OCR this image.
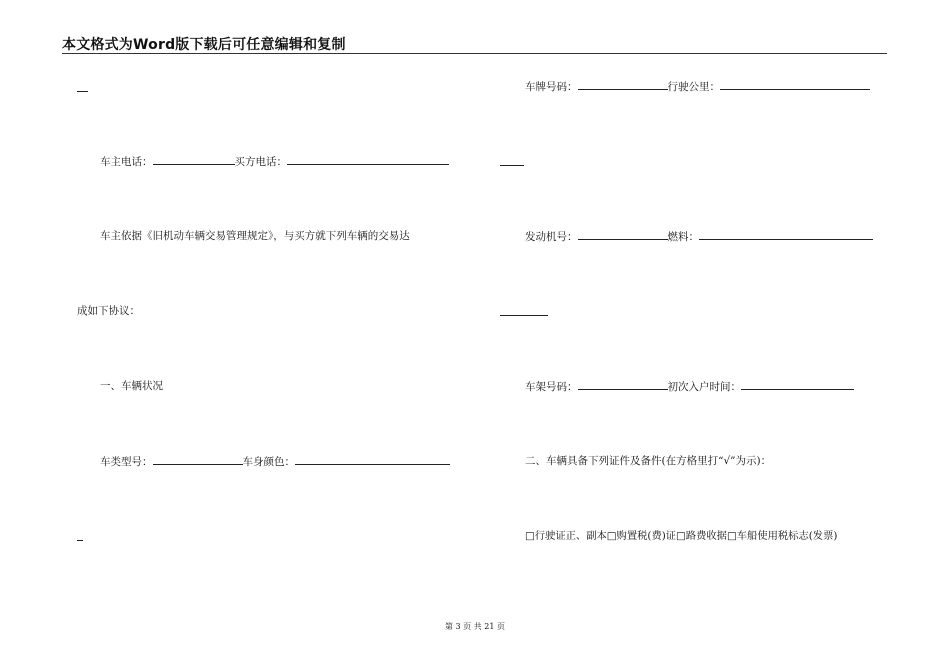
本文格式为Word版下载后可任意编辑和复制
车主电话：	买方电话：
车主依据《旧机动车辆交易管理规定》，与买方就下列车辆的交易达
成如下协议：
一、车辆状况
车类型号：	车身颜色：
车牌号码：	行驶公里：
发动机号：	燃料：
车架号码：	初次入户时间：
二、车辆具备下列证件及备件(在方格里打“√”为示)：
□行驶证正、副本□购置税(费)证□路费收据□车船使用税标志(发票)
第 3 页 共 21 页
